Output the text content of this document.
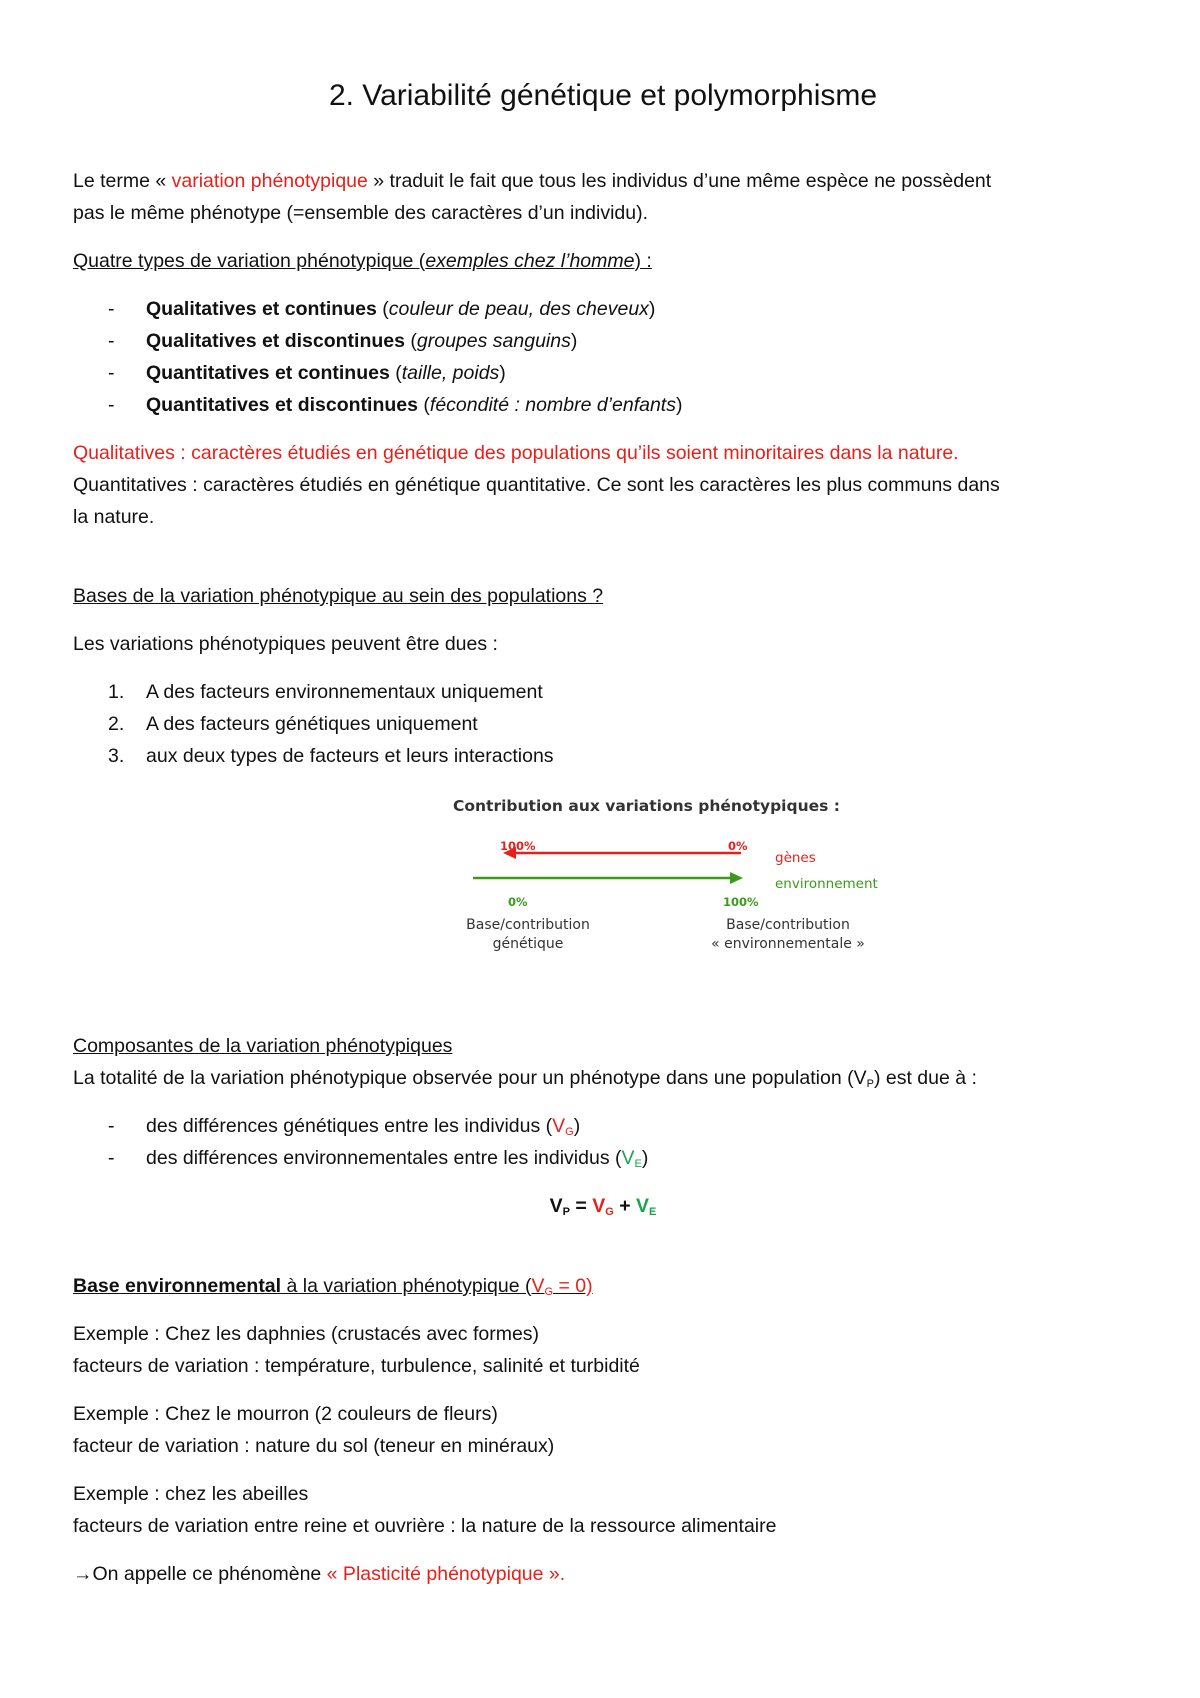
2. Variabilité génétique et polymorphisme
Le terme « variation phénotypique » traduit le fait que tous les individus d’une même espèce ne possèdent
pas le même phénotype (=ensemble des caractères d’un individu).
Quatre types de variation phénotypique (exemples chez l’homme) :
-	Qualitatives et continues (couleur de peau, des cheveux)
-	Qualitatives et discontinues (groupes sanguins)
-	Quantitatives et continues (taille, poids)
-	Quantitatives et discontinues (fécondité : nombre d’enfants)
Qualitatives : caractères étudiés en génétique des populations qu’ils soient minoritaires dans la nature.
Quantitatives : caractères étudiés en génétique quantitative. Ce sont les caractères les plus communs dans
la nature.
Bases de la variation phénotypique au sein des populations ?
Les variations phénotypiques peuvent être dues :
1. A des facteurs environnementaux uniquement
2. A des facteurs génétiques uniquement
3. aux deux types de facteurs et leurs interactions
Contribution aux variations phénotypiques :
100%	0%
gènes
environnement
0%	100%
Base/contribution
génétique
Base/contribution
« environnementale »
Composantes de la variation phénotypiques
La totalité de la variation phénotypique observée pour un phénotype dans une population $(V_P)$ est due à :
-	des différences génétiques entre les individus $(V_G)$
-	des différences environnementales entre les individus $(V_E)$
$V_P = V_G + V_E$
Base environnemental à la variation phénotypique $(V_G = 0)$
Exemple : Chez les daphnies (crustacés avec formes)
facteurs de variation : température, turbulence, salinité et turbidité
Exemple : Chez le mourron (2 couleurs de fleurs)
facteur de variation : nature du sol (teneur en minéraux)
Exemple : chez les abeilles
facteurs de variation entre reine et ouvrière : la nature de la ressource alimentaire
→On appelle ce phénomène « Plasticité phénotypique ».
